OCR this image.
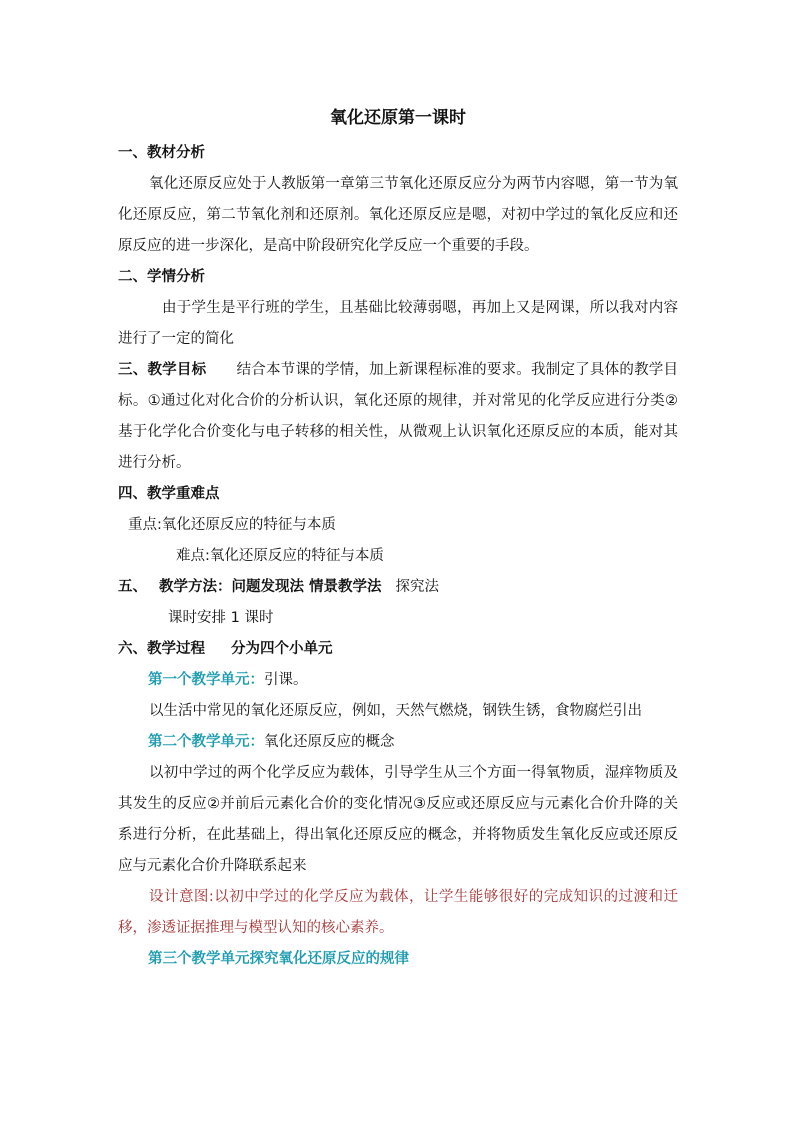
氧化还原第一课时

一、教材分析

氧化还原反应处于人教版第一章第三节氧化还原反应分为两节内容嗯，第一节为氧化还原反应，第二节氧化剂和还原剂。氧化还原反应是嗯，对初中学过的氧化反应和还原反应的进一步深化，是高中阶段研究化学反应一个重要的手段。

二、学情分析

由于学生是平行班的学生，且基础比较薄弱嗯，再加上又是网课，所以我对内容进行了一定的简化

三、教学目标 结合本节课的学情，加上新课程标准的要求。我制定了具体的教学目标。①通过化对化合价的分析认识，氧化还原的规律，并对常见的化学反应进行分类②基于化学化合价变化与电子转移的相关性，从微观上认识氧化还原反应的本质，能对其进行分析。

四、教学重难点

重点:氧化还原反应的特征与本质

难点:氧化还原反应的特征与本质

五、 教学方法：问题发现法 情景教学法 探究法

课时安排 1 课时

六、教学过程 分为四个小单元

第一个教学单元：引课。

以生活中常见的氧化还原反应，例如，天然气燃烧，钢铁生锈，食物腐烂引出

第二个教学单元：氧化还原反应的概念

以初中学过的两个化学反应为载体，引导学生从三个方面一得氧物质，湿痒物质及其发生的反应②并前后元素化合价的变化情况③反应或还原反应与元素化合价升降的关系进行分析，在此基础上，得出氧化还原反应的概念，并将物质发生氧化反应或还原反应与元素化合价升降联系起来

设计意图:以初中学过的化学反应为载体，让学生能够很好的完成知识的过渡和迁移，渗透证据推理与模型认知的核心素养。

第三个教学单元探究氧化还原反应的规律
